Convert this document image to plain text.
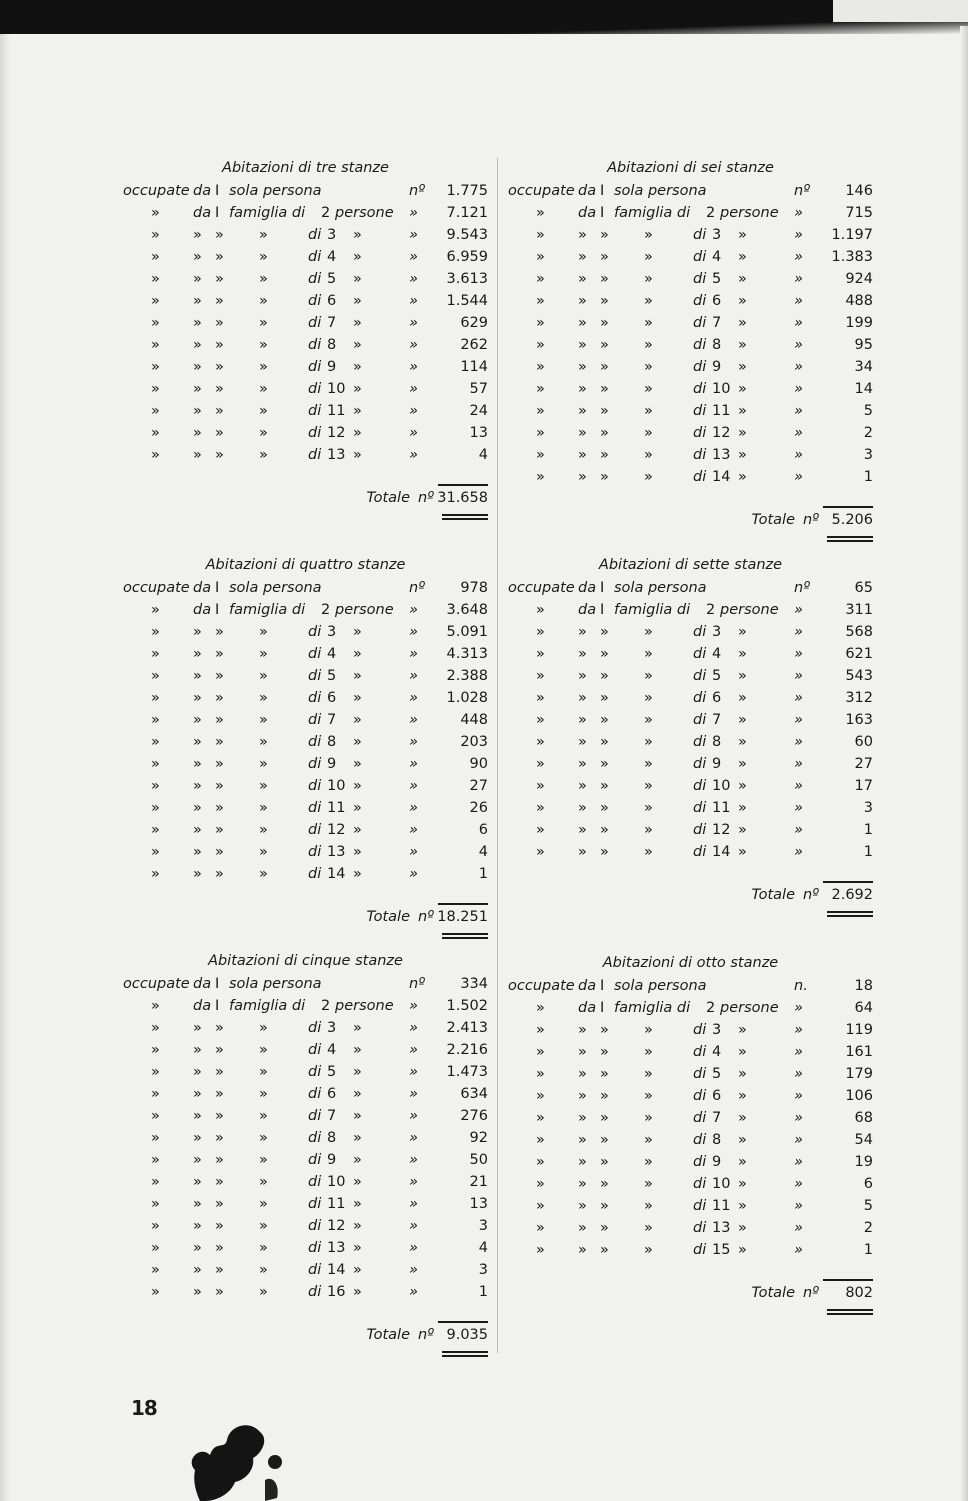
Abitazioni di tre stanze
occupate da I sola persona	nº 1.775
» da I famiglia di 2 persone » 7.121
» » » »	di 3 »	» 9.543
» » » »	di 4 »	» 6.959
» » » »	di 5 »	» 3.613
» » » »	di 6 »	» 1.544
» » » »	di 7 »	»	629
» » » »	di 8 »	»	262
» » » »	di 9 »	»	114
» » » »	di 10 »	»	57
» » » »	di 11 »	»	24
» » » »	di 12 »	»	13
» » » »	di 13 »	»	4
Totale nº 31.658
Abitazioni di sei stanze
occupate da I sola persona	nº 146
» da I famiglia di 2 persone »	715
» » » »	di 3 »	» 1.197
» » » »	di 4 »	» 1.383
» » » »	di 5 »	»	924
» » » »	di 6 »	»	488
» » » »	di 7 »	»	199
» » » »	di 8 »	»	95
» » » »	di 9 »	»	34
» » » »	di 10 »	»	14
» » » »	di 11 »	»	5
» » » »	di 12 »	»	2
» » » »	di 13 »	»	3
» » » »	di 14 »	»	1
Totale nº 5.206
Abitazioni di quattro stanze
occupate da I sola persona	nº 978
» da I famiglia di 2 persone » 3.648
» » » »	di 3 »	» 5.091
» » » »	di 4 »	» 4.313
» » » »	di 5 »	» 2.388
» » » »	di 6 »	» 1.028
» » » »	di 7 »	»	448
» » » »	di 8 »	»	203
» » » »	di 9 »	»	90
» » » »	di 10 »	»	27
» » » »	di 11 »	»	26
» » » »	di 12 »	»	6
» » » »	di 13 »	»	4
» » » »	di 14 »	»	1
Totale nº 18.251
Abitazioni di sette stanze
occupate da I sola persona	nº	65
» da I famiglia di 2 persone »	311
» » » »	di 3 »	»	568
» » » »	di 4 »	»	621
» » » »	di 5 »	»	543
» » » »	di 6 »	»	312
» » » »	di 7 »	»	163
» » » »	di 8 »	»	60
» » » »	di 9 »	»	27
» » » »	di 10 »	»	17
» » » »	di 11 »	»	3
» » » »	di 12 »	»	1
» » » »	di 14 »	»	1
Totale nº 2.692
Abitazioni di cinque stanze
occupate da I sola persona	nº 334
» da I famiglia di 2 persone » 1.502
» » » »	di 3 »	» 2.413
» » » »	di 4 »	» 2.216
» » » »	di 5 »	» 1.473
» » » »	di 6 »	»	634
» » » »	di 7 »	»	276
» » » »	di 8 »	»	92
» » » »	di 9 »	»	50
» » » »	di 10 »	»	21
» » » »	di 11 »	»	13
» » » »	di 12 »	»	3
» » » »	di 13 »	»	4
» » » »	di 14 »	»	3
» » » »	di 16 »	»	1
Totale nº 9.035
Abitazioni di otto stanze
occupate da I sola persona	n.	18
» da I famiglia di 2 persone »	64
» » » »	di 3 »	»	119
» » » »	di 4 »	»	161
» » » »	di 5 »	»	179
» » » »	di 6 »	»	106
» » » »	di 7 »	»	68
» » » »	di 8 »	»	54
» » » »	di 9 »	»	19
» » » »	di 10 »	»	6
» » » »	di 11 »	»	5
» » » »	di 13 »	»	2
» » » »	di 15 »	»	1
Totale nº 802
18
